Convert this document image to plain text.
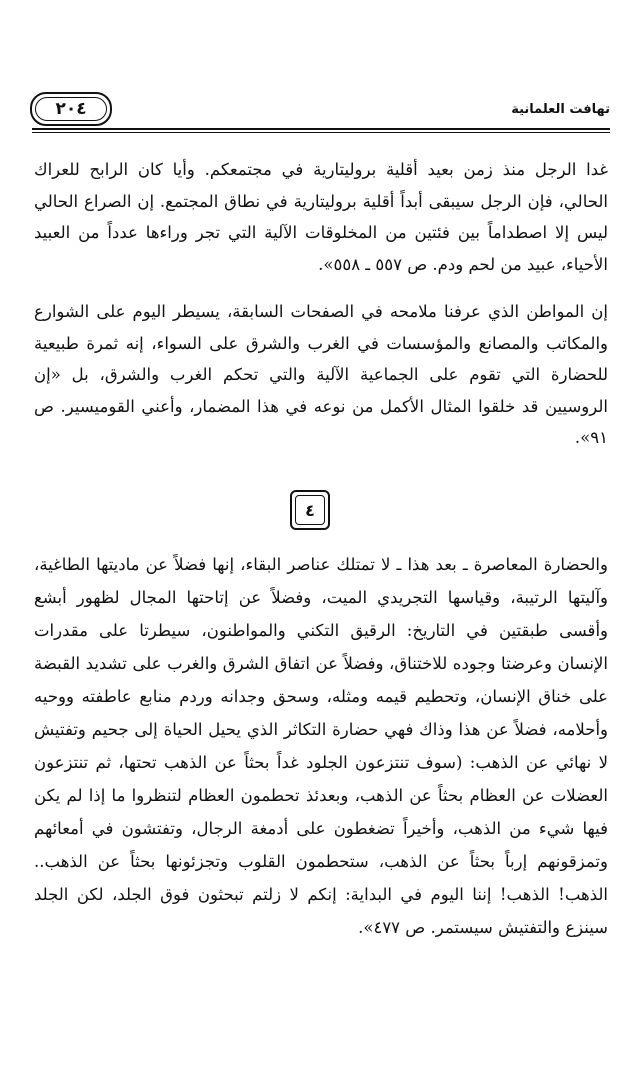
٢٠٤	تهافت العلمانية

غدا الرجل منذ زمن بعيد أقلية بروليتارية في مجتمعكم. وأيا كان الرابح للعراك الحالي، فإن الرجل سيبقى أبداً أقلية بروليتارية في نطاق المجتمع. إن الصراع الحالي ليس إلا اصطداماً بين فئتين من المخلوقات الآلية التي تجر وراءها عدداً من العبيد الأحياء، عبيد من لحم ودم. ص ٥٥٧ ـ ٥٥٨».

إن المواطن الذي عرفنا ملامحه في الصفحات السابقة، يسيطر اليوم على الشوارع والمكاتب والمصانع والمؤسسات في الغرب والشرق على السواء، إنه ثمرة طبيعية للحضارة التي تقوم على الجماعية الآلية والتي تحكم الغرب والشرق، بل «إن الروسيين قد خلقوا المثال الأكمل من نوعه في هذا المضمار، وأعني القوميسير. ص ٩١».

٤

والحضارة المعاصرة ـ بعد هذا ـ لا تمتلك عناصر البقاء، إنها فضلاً عن ماديتها الطاغية، وآليتها الرتيبة، وقياسها التجريدي الميت، وفضلاً عن إتاحتها المجال لظهور أبشع وأقسى طبقتين في التاريخ: الرقيق التكني والمواطنون، سيطرتا على مقدرات الإنسان وعرضتا وجوده للاختناق، وفضلاً عن اتفاق الشرق والغرب على تشديد القبضة على خناق الإنسان، وتحطيم قيمه ومثله، وسحق وجدانه وردم منابع عاطفته ووحيه وأحلامه، فضلاً عن هذا وذاك فهي حضارة التكاثر الذي يحيل الحياة إلى جحيم وتفتيش لا نهائي عن الذهب: (سوف تنتزعون الجلود غداً بحثاً عن الذهب تحتها، ثم تنتزعون العضلات عن العظام بحثاً عن الذهب، وبعدئذ تحطمون العظام لتنظروا ما إذا لم يكن فيها شيء من الذهب، وأخيراً تضغطون على أدمغة الرجال، وتفتشون في أمعائهم وتمزقونهم إرباً بحثاً عن الذهب، ستحطمون القلوب وتجزئونها بحثاً عن الذهب.. الذهب! الذهب! إننا اليوم في البداية: إنكم لا زلتم تبحثون فوق الجلد، لكن الجلد سينزع والتفتيش سيستمر. ص ٤٧٧».
